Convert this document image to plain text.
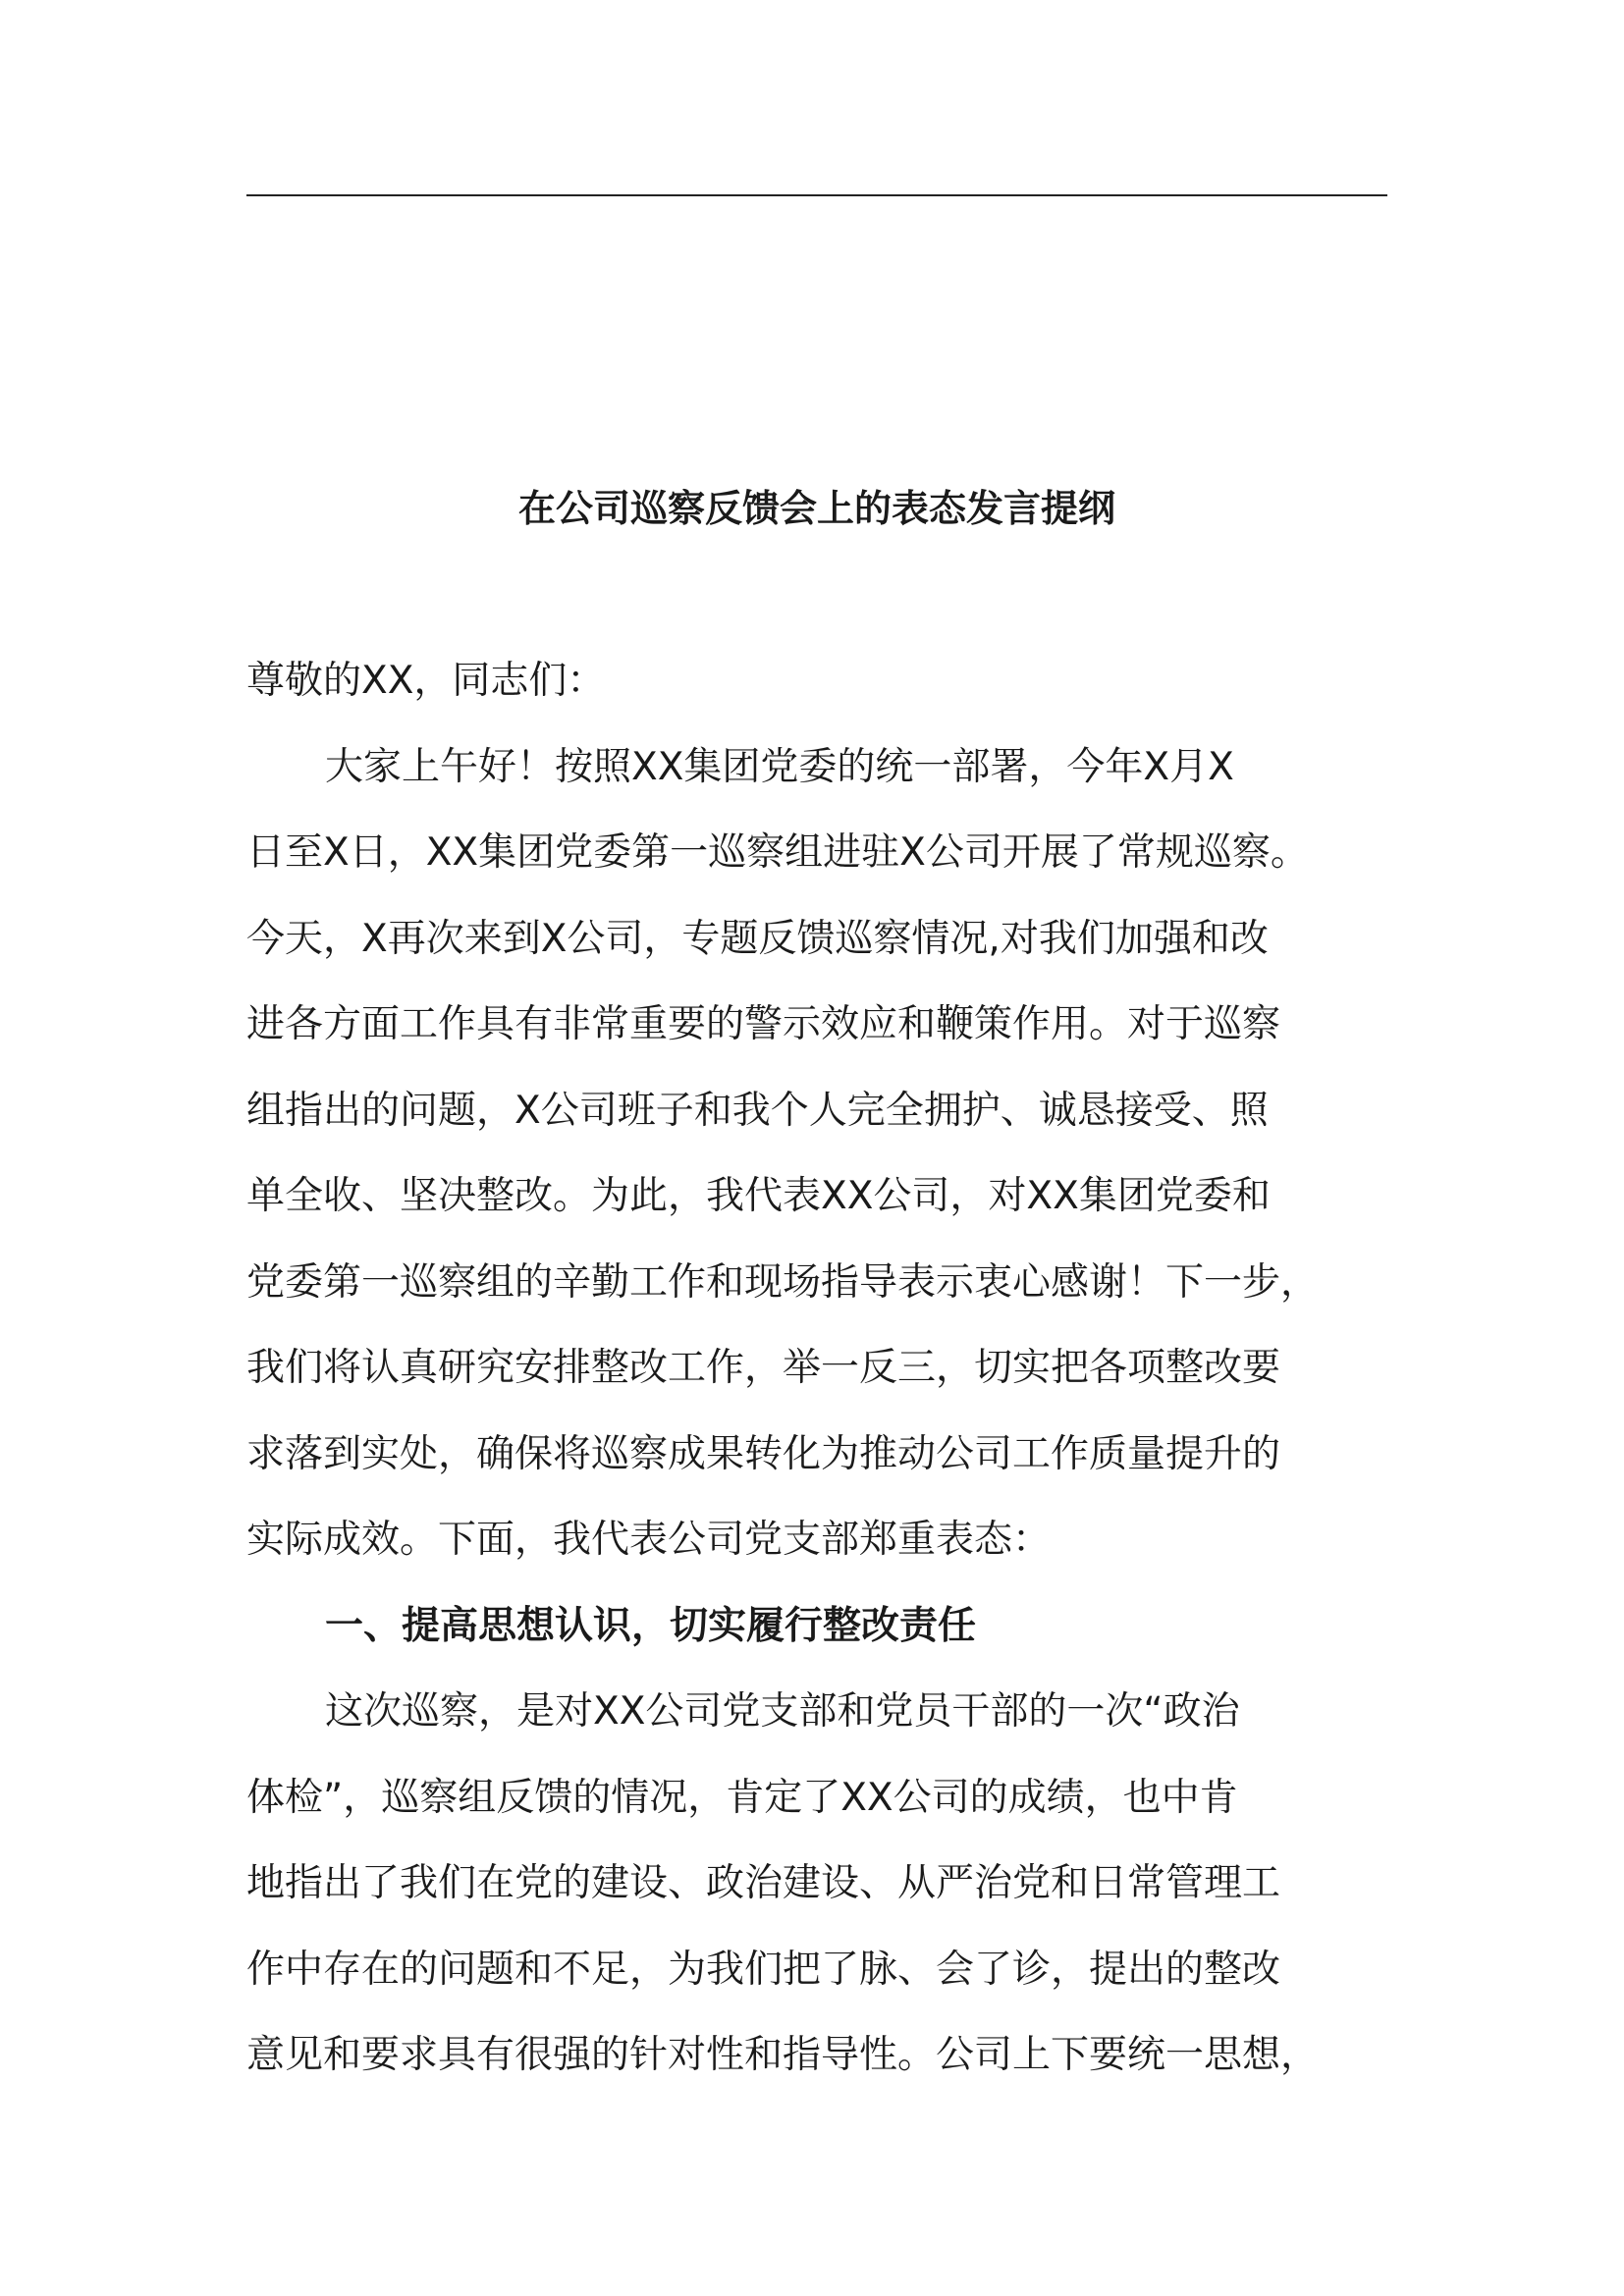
在公司巡察反馈会上的表态发言提纲
尊敬的XX，同志们：
大家上午好！按照XX集团党委的统一部署，今年X月X
日至X日，XX集团党委第一巡察组进驻X公司开展了常规巡察。
今天，X再次来到X公司，专题反馈巡察情况,对我们加强和改
进各方面工作具有非常重要的警示效应和鞭策作用。对于巡察
组指出的问题，X公司班子和我个人完全拥护、诚恳接受、照
单全收、坚决整改。为此，我代表XX公司，对XX集团党委和
党委第一巡察组的辛勤工作和现场指导表示衷心感谢！下一步，
我们将认真研究安排整改工作，举一反三，切实把各项整改要
求落到实处，确保将巡察成果转化为推动公司工作质量提升的
实际成效。下面，我代表公司党支部郑重表态：
一、提高思想认识，切实履行整改责任
这次巡察，是对XX公司党支部和党员干部的一次“政治
体检”，巡察组反馈的情况，肯定了XX公司的成绩，也中肯
地指出了我们在党的建设、政治建设、从严治党和日常管理工
作中存在的问题和不足，为我们把了脉、会了诊，提出的整改
意见和要求具有很强的针对性和指导性。公司上下要统一思想，
